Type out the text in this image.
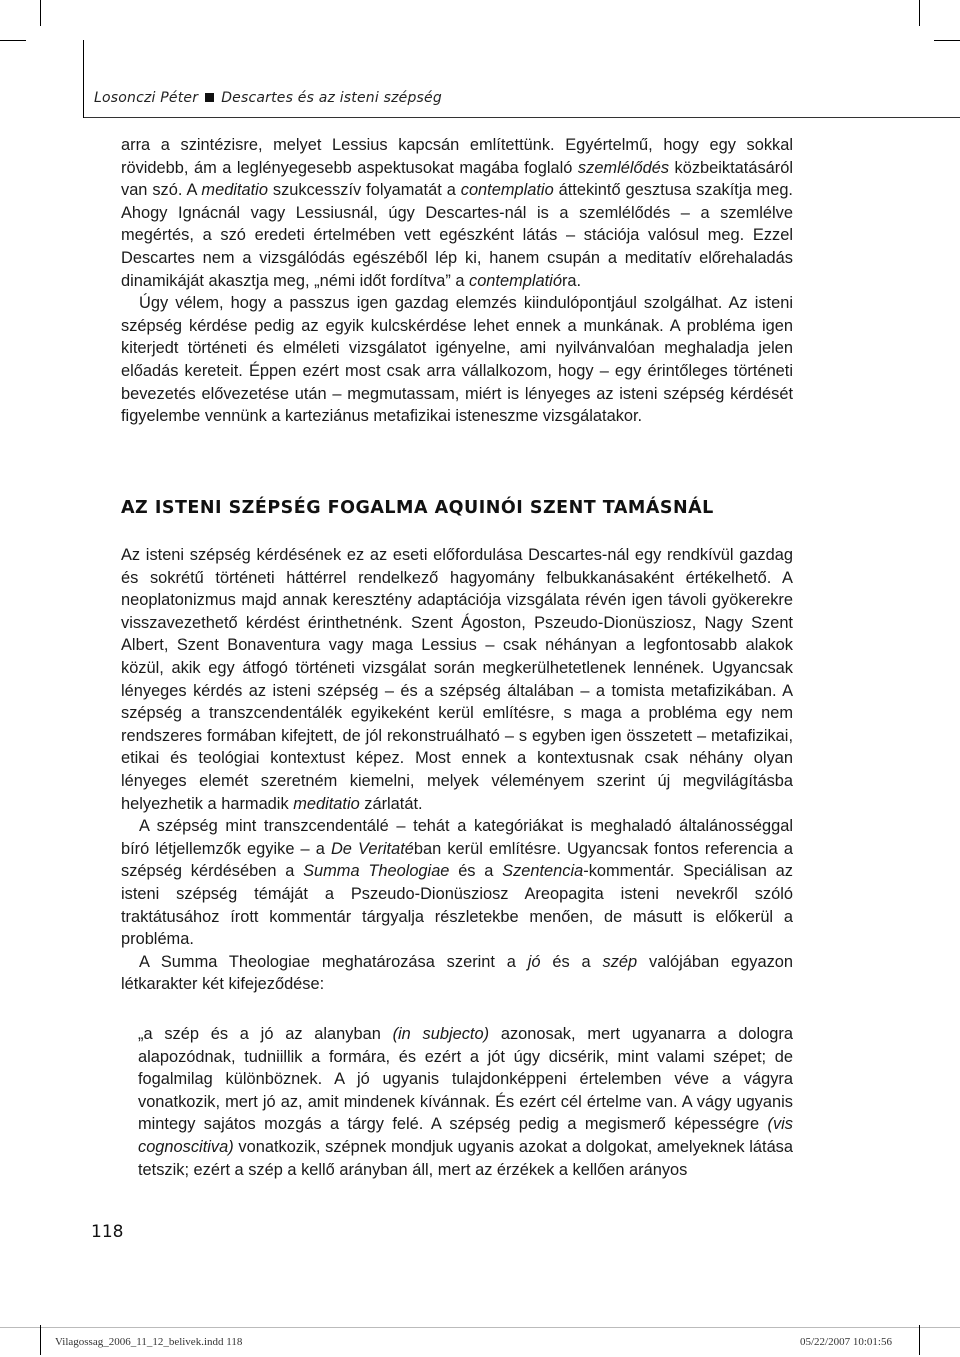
Losonczi Péter Descartes és az isteni szépség

arra a szintézisre, melyet Lessius kapcsán említettünk. Egyértelmű, hogy egy sokkal rövidebb, ám a leglényegesebb aspektusokat magába foglaló szemlélődés közbeiktatásáról van szó. A meditatio szukcesszív folyamatát a contemplatio áttekintő gesztusa szakítja meg. Ahogy Ignácnál vagy Lessiusnál, úgy Descartes-nál is a szemlélődés – a szemlélve megértés, a szó eredeti értelmében vett egészként látás – stációja valósul meg. Ezzel Descartes nem a vizsgálódás egészéből lép ki, hanem csupán a meditatív előrehaladás dinamikáját akasztja meg, „némi időt fordítva” a contemplatióra.

Úgy vélem, hogy a passzus igen gazdag elemzés kiindulópontjául szolgálhat. Az isteni szépség kérdése pedig az egyik kulcskérdése lehet ennek a munkának. A probléma igen kiterjedt történeti és elméleti vizsgálatot igényelne, ami nyilvánvalóan meghaladja jelen előadás kereteit. Éppen ezért most csak arra vállalkozom, hogy – egy érintőleges történeti bevezetés elővezetése után – megmutassam, miért is lényeges az isteni szépség kérdését figyelembe vennünk a karteziánus metafizikai isteneszme vizsgálatakor.

AZ ISTENI SZÉPSÉG FOGALMA AQUINÓI SZENT TAMÁSNÁL

Az isteni szépség kérdésének ez az eseti előfordulása Descartes-nál egy rendkívül gazdag és sokrétű történeti háttérrel rendelkező hagyomány felbukkanásaként értékelhető. A neoplatonizmus majd annak keresztény adaptációja vizsgálata révén igen távoli gyökerekre visszavezethető kérdést érinthetnénk. Szent Ágoston, Pszeudo-Dionüsziosz, Nagy Szent Albert, Szent Bonaventura vagy maga Lessius – csak néhányan a legfontosabb alakok közül, akik egy átfogó történeti vizsgálat során megkerülhetetlenek lennének. Ugyancsak lényeges kérdés az isteni szépség – és a szépség általában – a tomista metafizikában. A szépség a transzcendentálék egyikeként kerül említésre, s maga a probléma egy nem rendszeres formában kifejtett, de jól rekonstruálható – s egyben igen összetett – metafizikai, etikai és teológiai kontextust képez. Most ennek a kontextusnak csak néhány olyan lényeges elemét szeretném kiemelni, melyek véleményem szerint új megvilágításba helyezhetik a harmadik meditatio zárlatát.

A szépség mint transzcendentálé – tehát a kategóriákat is meghaladó általánosséggal bíró létjellemzők egyike – a De Veritatéban kerül említésre. Ugyancsak fontos referencia a szépség kérdésében a Summa Theologiae és a Szentencia-kommentár. Speciálisan az isteni szépség témáját a Pszeudo-Dionüsziosz Areopagita isteni nevekről szóló traktátusához írott kommentár tárgyalja részletekbe menően, de másutt is előkerül a probléma.

A Summa Theologiae meghatározása szerint a jó és a szép valójában egyazon létkarakter két kifejeződése:

„a szép és a jó az alanyban (in subjecto) azonosak, mert ugyanarra a dologra alapozódnak, tudniillik a formára, és ezért a jót úgy dicsérik, mint valami szépet; de fogalmilag különböznek. A jó ugyanis tulajdonképpeni értelemben véve a vágyra vonatkozik, mert jó az, amit mindenek kívánnak. És ezért cél értelme van. A vágy ugyanis mintegy sajátos mozgás a tárgy felé. A szépség pedig a megismerő képességre (vis cognoscitiva) vonatkozik, szépnek mondjuk ugyanis azokat a dolgokat, amelyeknek látása tetszik; ezért a szép a kellő arányban áll, mert az érzékek a kellően arányos

118
Vilagossag_2006_11_12_belivek.indd 118	05/22/2007 10:01:56
